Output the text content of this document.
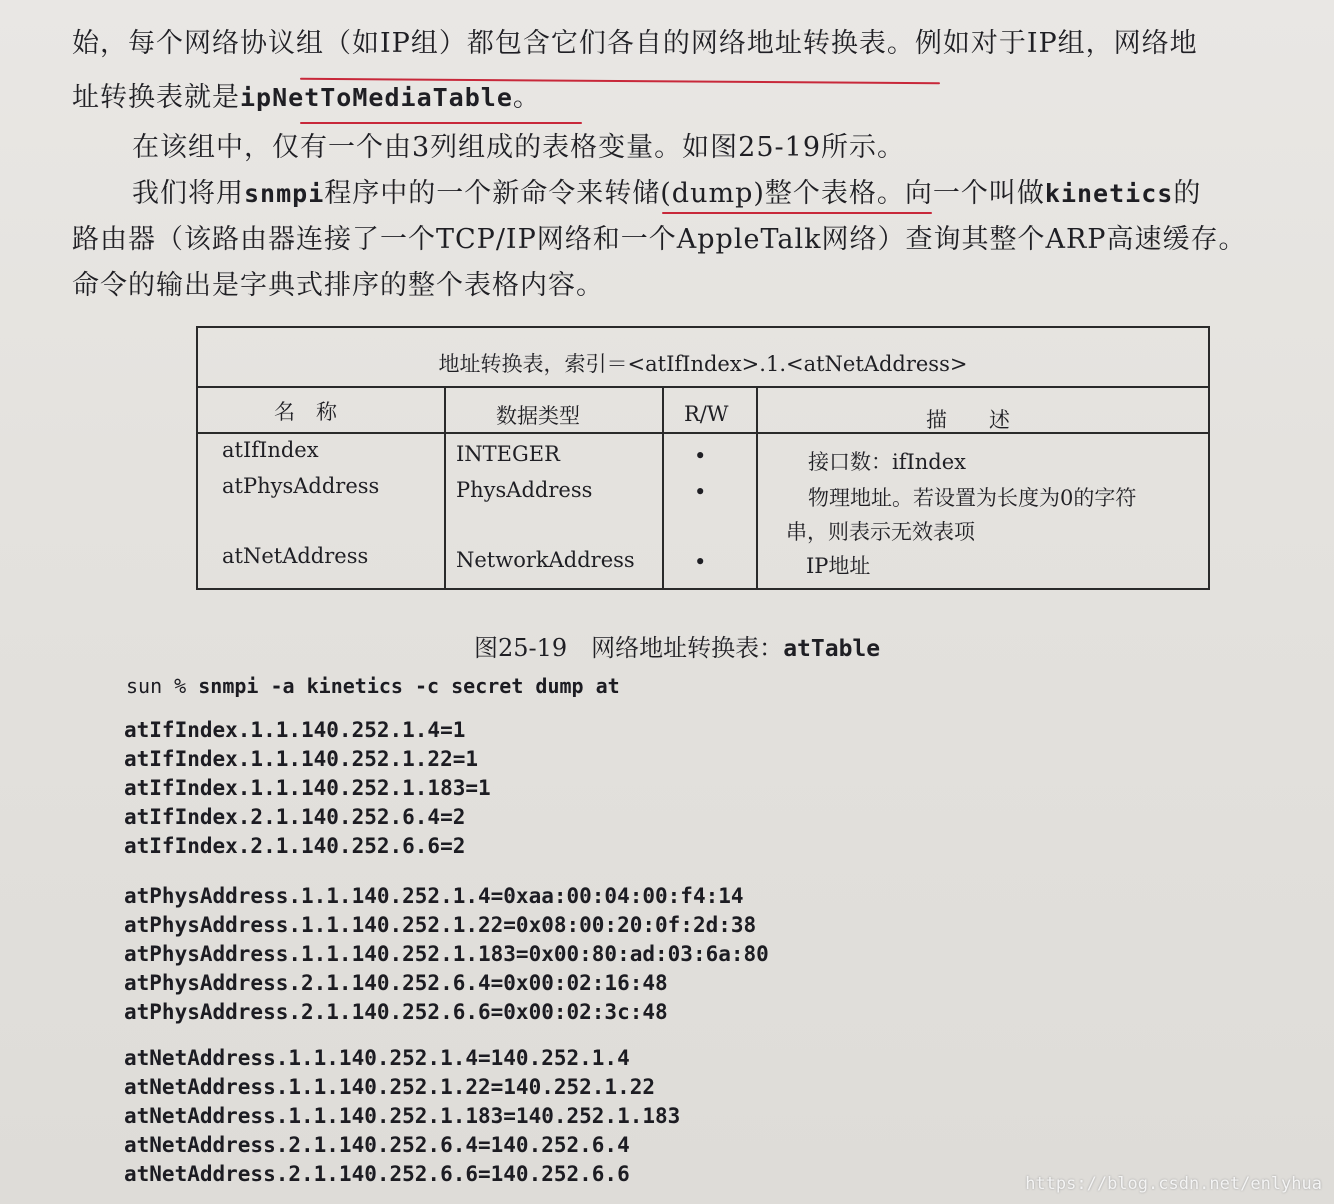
始，每个网络协议组（如IP组）都包含它们各自的网络地址转换表。例如对于IP组，网络地
址转换表就是ipNetToMediaTable。
在该组中，仅有一个由3列组成的表格变量。如图25-19所示。
我们将用snmpi程序中的一个新命令来转储(dump)整个表格。向一个叫做kinetics的
路由器（该路由器连接了一个TCP/IP网络和一个AppleTalk网络）查询其整个ARP高速缓存。
命令的输出是字典式排序的整个表格内容。
地址转换表，索引＝<atIfIndex>.1.<atNetAddress>
名　称	数据类型	R/W	描　　述
atIfIndex	INTEGER	•	接口数：ifIndex
atPhysAddress	PhysAddress	•	物理地址。若设置为长度为0的字符
串，则表示无效表项
atNetAddress	NetworkAddress	•	IP地址
图25-19　网络地址转换表：atTable
sun % snmpi -a kinetics -c secret dump at
atIfIndex.1.1.140.252.1.4=1
atIfIndex.1.1.140.252.1.22=1
atIfIndex.1.1.140.252.1.183=1
atIfIndex.2.1.140.252.6.4=2
atIfIndex.2.1.140.252.6.6=2
atPhysAddress.1.1.140.252.1.4=0xaa:00:04:00:f4:14
atPhysAddress.1.1.140.252.1.22=0x08:00:20:0f:2d:38
atPhysAddress.1.1.140.252.1.183=0x00:80:ad:03:6a:80
atPhysAddress.2.1.140.252.6.4=0x00:02:16:48
atPhysAddress.2.1.140.252.6.6=0x00:02:3c:48
atNetAddress.1.1.140.252.1.4=140.252.1.4
atNetAddress.1.1.140.252.1.22=140.252.1.22
atNetAddress.1.1.140.252.1.183=140.252.1.183
atNetAddress.2.1.140.252.6.4=140.252.6.4
atNetAddress.2.1.140.252.6.6=140.252.6.6	https://blog.csdn.net/enlyhua
